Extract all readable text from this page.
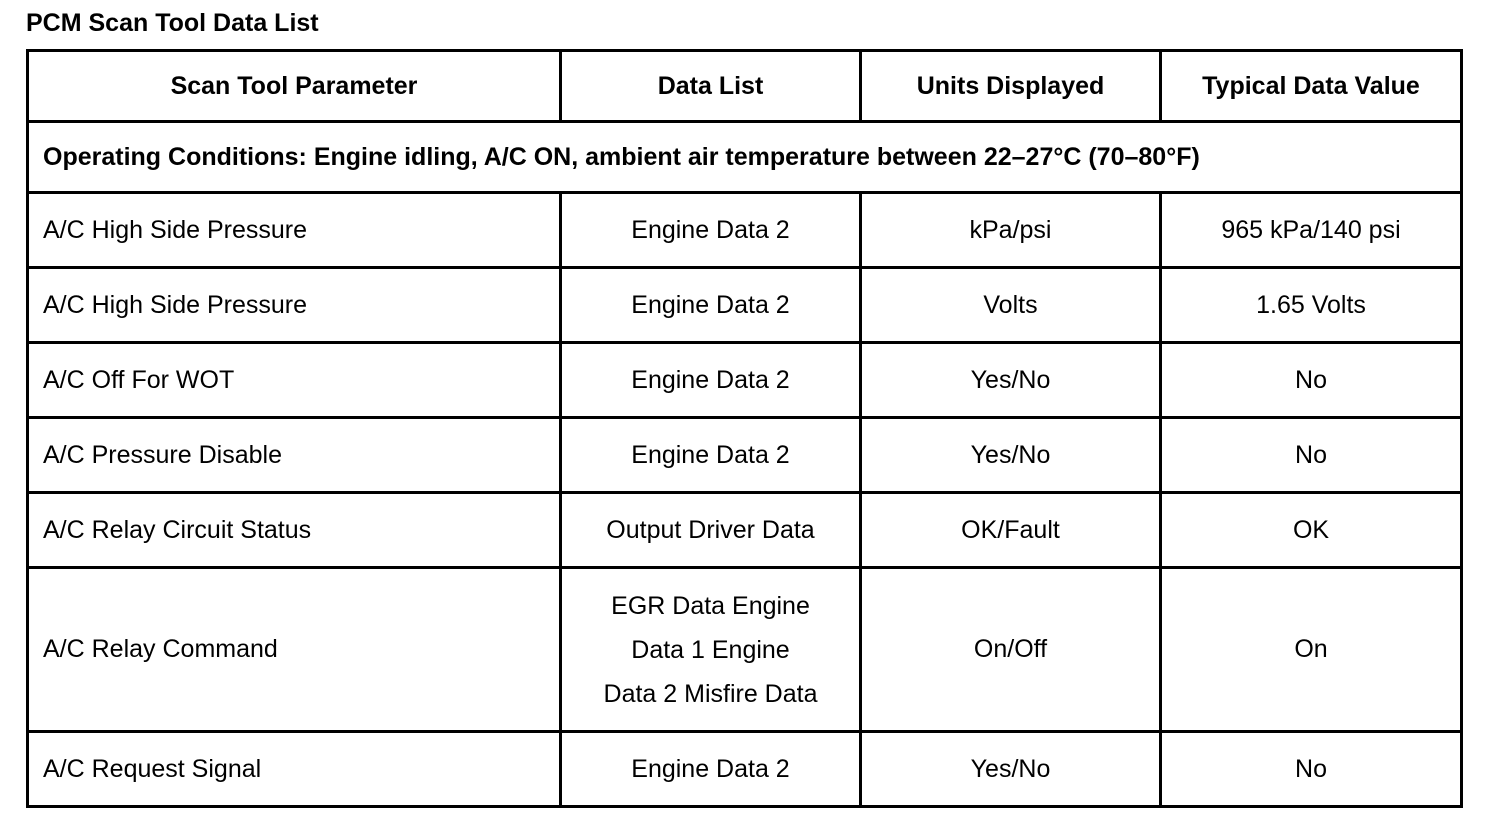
PCM Scan Tool Data List
Scan Tool Parameter	Data List	Units Displayed	Typical Data Value
Operating Conditions: Engine idling, A/C ON, ambient air temperature between 22–27°C (70–80°F)			
A/C High Side Pressure	Engine Data 2	kPa/psi	965 kPa/140 psi
A/C High Side Pressure	Engine Data 2	Volts	1.65 Volts
A/C Off For WOT	Engine Data 2	Yes/No	No
A/C Pressure Disable	Engine Data 2	Yes/No	No
A/C Relay Circuit Status	Output Driver Data	OK/Fault	OK
A/C Relay Command	EGR Data Engine
Data 1 Engine
Data 2 Misfire Data	On/Off	On
A/C Request Signal	Engine Data 2	Yes/No	No
